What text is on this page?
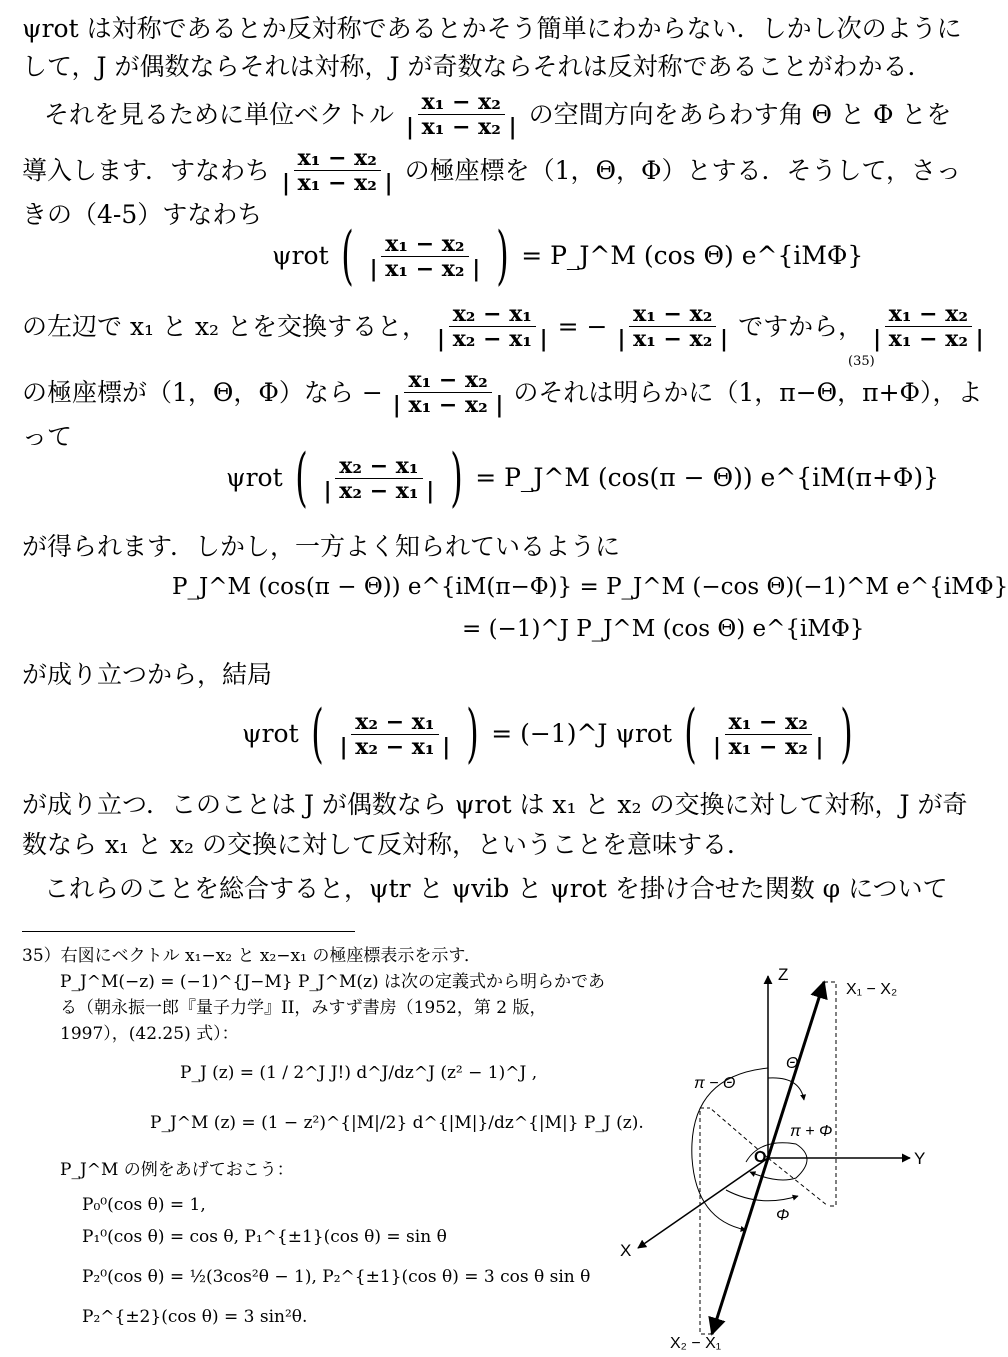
ψrot は対称であるとか反対称であるとかそう簡単にわからない．しかし次のように
して，J が偶数ならそれは対称，J が奇数ならそれは反対称であることがわかる．
それを見るために単位ベクトル $\frac{\text{x₁ − x₂}}{\text{| x₁ − x₂ |}}$ の空間方向をあらわす角 Θ と Φ とを
導入します．すなわち $\frac{\text{x₁ − x₂}}{\text{| x₁ − x₂ |}}$ の極座標を（1，Θ，Φ）とする．そうして，さっ
きの（4-5）すなわち
ψrot ( $\frac{\text{x₁ − x₂}}{\text{| x₁ − x₂ |}}$ ) = P_J^M (cos Θ) e^{iMΦ}
の左辺で x₁ と x₂ とを交換すると， $\frac{\text{x₂ − x₁}}{\text{| x₂ − x₁ |}}$ = − $\frac{\text{x₁ − x₂}}{\text{| x₁ − x₂ |}}$ ですから， $\frac{\text{x₁ − x₂}}{\text{| x₁ − x₂ |}}$
の極座標が（1，Θ，Φ）なら − $\frac{\text{x₁ − x₂}}{\text{| x₁ − x₂ |}}$ のそれは明らかに（1，π−Θ，π+Φ），よ
(35)
って
ψrot ( $\frac{\text{x₂ − x₁}}{\text{| x₂ − x₁ |}}$ ) = P_J^M (cos(π − Θ)) e^{iM(π+Φ)}
が得られます．しかし，一方よく知られているように
P_J^M (cos(π − Θ)) e^{iM(π−Φ)} = P_J^M (−cos Θ)(−1)^M e^{iMΦ}
= (−1)^J P_J^M (cos Θ) e^{iMΦ}
が成り立つから，結局
ψrot ( $\frac{\text{x₂ − x₁}}{\text{| x₂ − x₁ |}}$ ) = (−1)^J ψrot ( $\frac{\text{x₁ − x₂}}{\text{| x₁ − x₂ |}}$ )
が成り立つ．このことは J が偶数なら ψrot は x₁ と x₂ の交換に対して対称，J が奇
数なら x₁ と x₂ の交換に対して反対称，ということを意味する．
これらのことを総合すると，ψtr と ψvib と ψrot を掛け合せた関数 φ について
35）右図にベクトル x₁−x₂ と x₂−x₁ の極座標表示を示す．
P_J^M(−z) = (−1)^{J−M} P_J^M(z) は次の定義式から明らかであ
る（朝永振一郎『量子力学』II，みすず書房（1952，第 2 版，
1997），(42.25) 式）：
P_J (z) = (1 / 2^J J!) d^J/dz^J (z² − 1)^J ,
P_J^M (z) = (1 − z²)^{|M|/2} d^{|M|}/dz^{|M|} P_J (z).
P_J^M の例をあげておこう：
P₀⁰(cos θ) = 1,
P₁⁰(cos θ) = cos θ, P₁^{±1}(cos θ) = sin θ
P₂⁰(cos θ) = ½(3cos²θ − 1), P₂^{±1}(cos θ) = 3 cos θ sin θ
P₂^{±2}(cos θ) = 3 sin²θ.
Z
Y
X
O
X₁ − X₂
X₂ − X₁
Θ
π − Θ
π + Φ
Φ
